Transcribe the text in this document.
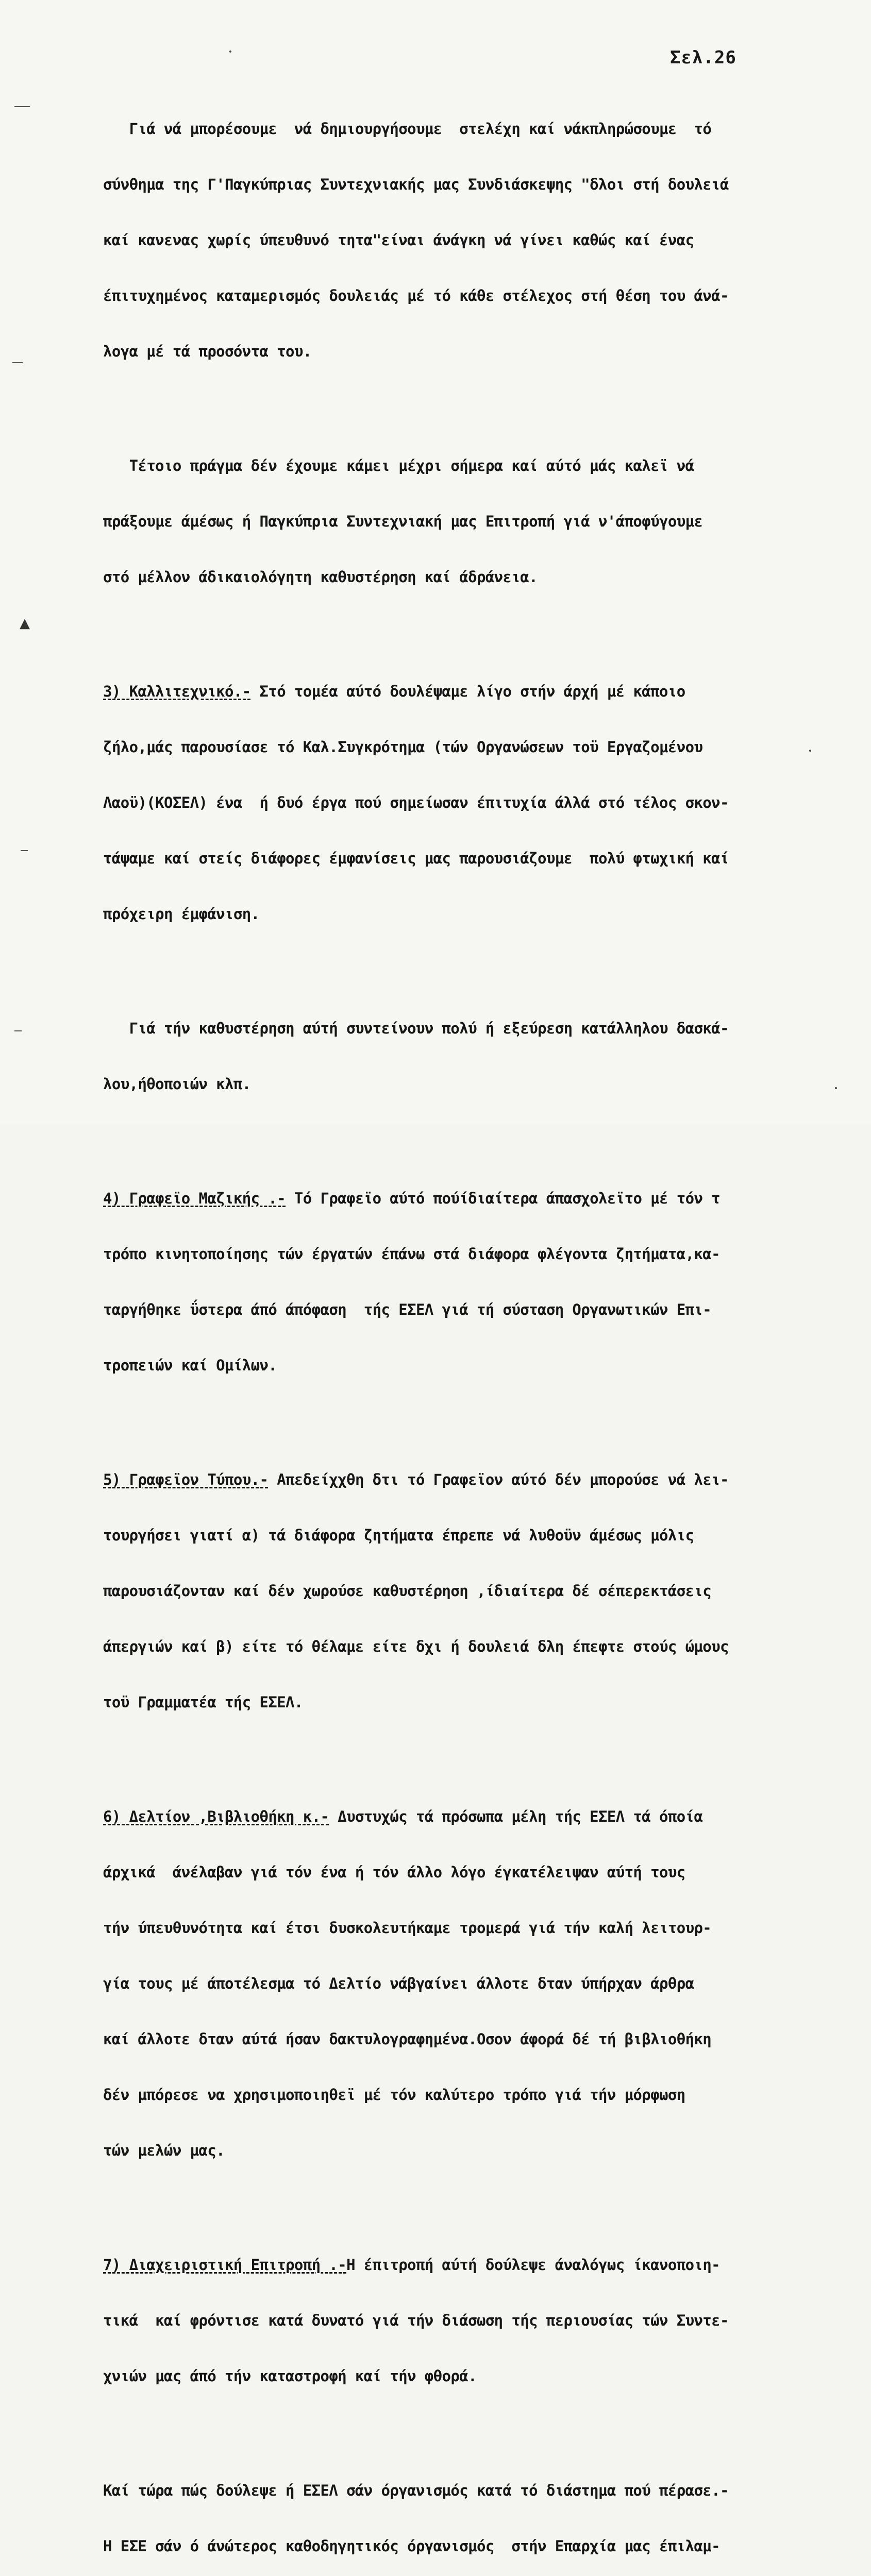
Σελ.26
▲

Γιά νά μπορέσουμε  νά δημιουργήσουμε  στελέχη καί νάκπληρώσουμε  τό

σύνθημα της Γ'Παγκύπριας Συντεχνιακής μας Συνδιάσκεψης "δλοι στή δουλειά

καί κανενας χωρίς ύπευθυνό τητα"είναι άνάγκη νά γίνει καθώς καί ένας

έπιτυχημένος καταμερισμός δουλειάς μέ τό κάθε στέλεχος στή θέση του άνά-

λογα μέ τά προσόντα του.

Τέτοιο πράγμα δέν έχουμε κάμει μέχρι σήμερα καί αύτό μάς καλεϊ νά

πράξουμε άμέσως ή Παγκύπρια Συντεχνιακή μας Επιτροπή γιά ν'άποφύγουμε

στό μέλλον άδικαιολόγητη καθυστέρηση καί άδράνεια.

3) Καλλιτεχνικό.- Στό τομέα αύτό δουλέψαμε λίγο στήν άρχή μέ κάποιο

ζήλο,μάς παρουσίασε τό Καλ.Συγκρότημα (τών Οργανώσεων τοϋ Εργαζομένου

Λαοϋ)(ΚΟΣΕΛ) ένα  ή δυό έργα πού σημείωσαν έπιτυχία άλλά στό τέλος σκον-

τάψαμε καί στείς διάφορες έμφανίσεις μας παρουσιάζουμε  πολύ φτωχική καί

πρόχειρη έμφάνιση.

Γιά τήν καθυστέρηση αύτή συντείνουν πολύ ή εξεύρεση κατάλληλου δασκά-

λου,ήθοποιών κλπ.

4) Γραφεϊο Μαζικής .- Τό Γραφεϊο αύτό πούίδιαίτερα άπασχολεϊτο μέ τόν τ

τρόπο κινητοποίησης τών έργατών έπάνω στά διάφορα φλέγοντα ζητήματα,κα-

ταργήθηκε ΰστερα άπό άπόφαση  τής ΕΣΕΛ γιά τή σύσταση Οργανωτικών Επι-

τροπειών καί Ομίλων.

5) Γραφεϊον Τύπου.- Απεδείχχθη δτι τό Γραφεϊον αύτό δέν μπορούσε νά λει-

τουργήσει γιατί α) τά διάφορα ζητήματα έπρεπε νά λυθοϋν άμέσως μόλις

παρουσιάζονταν καί δέν χωρούσε καθυστέρηση ,ίδιαίτερα δέ σέπερεκτάσεις

άπεργιών καί β) είτε τό θέλαμε είτε δχι ή δουλειά δλη έπεφτε στούς ώμους

τοϋ Γραμματέα τής ΕΣΕΛ.

6) Δελτίον ,Βιβλιοθήκη κ.- Δυστυχώς τά πρόσωπα μέλη τής ΕΣΕΛ τά όποία

άρχικά  άνέλαβαν γιά τόν ένα ή τόν άλλο λόγο έγκατέλειψαν αύτή τους

τήν ύπευθυνότητα καί έτσι δυσκολευτήκαμε τρομερά γιά τήν καλή λειτουρ-

γία τους μέ άποτέλεσμα τό Δελτίο νάβγαίνει άλλοτε δταν ύπήρχαν άρθρα

καί άλλοτε δταν αύτά ήσαν δακτυλογραφημένα.Οσον άφορά δέ τή βιβλιοθήκη

δέν μπόρεσε να χρησιμοποιηθεϊ μέ τόν καλύτερο τρόπο γιά τήν μόρφωση

τών μελών μας.

7) Διαχειριστική Επιτροπή .-Η έπιτροπή αύτή δούλεψε άναλόγως ίκανοποιη-

τικά  καί φρόντισε κατά δυνατό γιά τήν διάσωση τής περιουσίας τών Συντε-

χνιών μας άπό τήν καταστροφή καί τήν φθορά.

Καί τώρα πώς δούλεψε ή ΕΣΕΛ σάν όργανισμός κατά τό διάστημα πού πέρασε.-

Η ΕΣΕ σάν ό άνώτερος καθοδηγητικός όργανισμός  στήν Επαρχία μας έπιλαμ-
